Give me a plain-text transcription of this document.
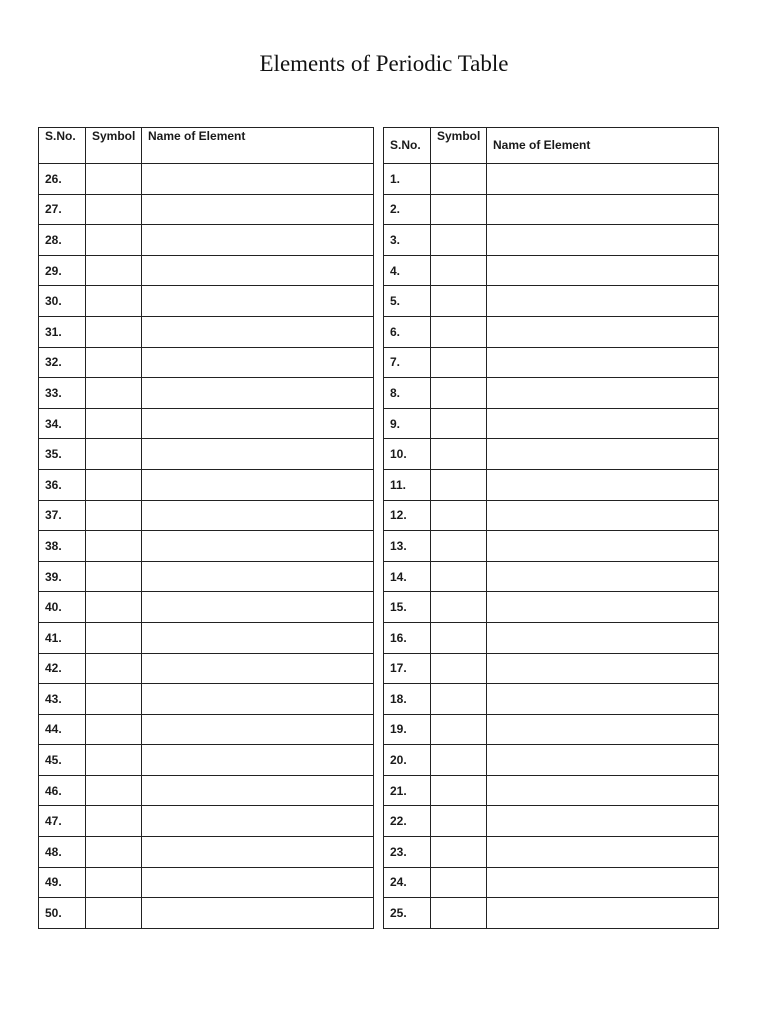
Elements of Periodic Table
S.No.	Symbol	Name of Element
26.		
27.		
28.		
29.		
30.		
31.		
32.		
33.		
34.		
35.		
36.		
37.		
38.		
39.		
40.		
41.		
42.		
43.		
44.		
45.		
46.		
47.		
48.		
49.		
50.		
S.No.	Symbol	Name of Element
1.		
2.		
3.		
4.		
5.		
6.		
7.		
8.		
9.		
10.		
11.		
12.		
13.		
14.		
15.		
16.		
17.		
18.		
19.		
20.		
21.		
22.		
23.		
24.		
25.		
